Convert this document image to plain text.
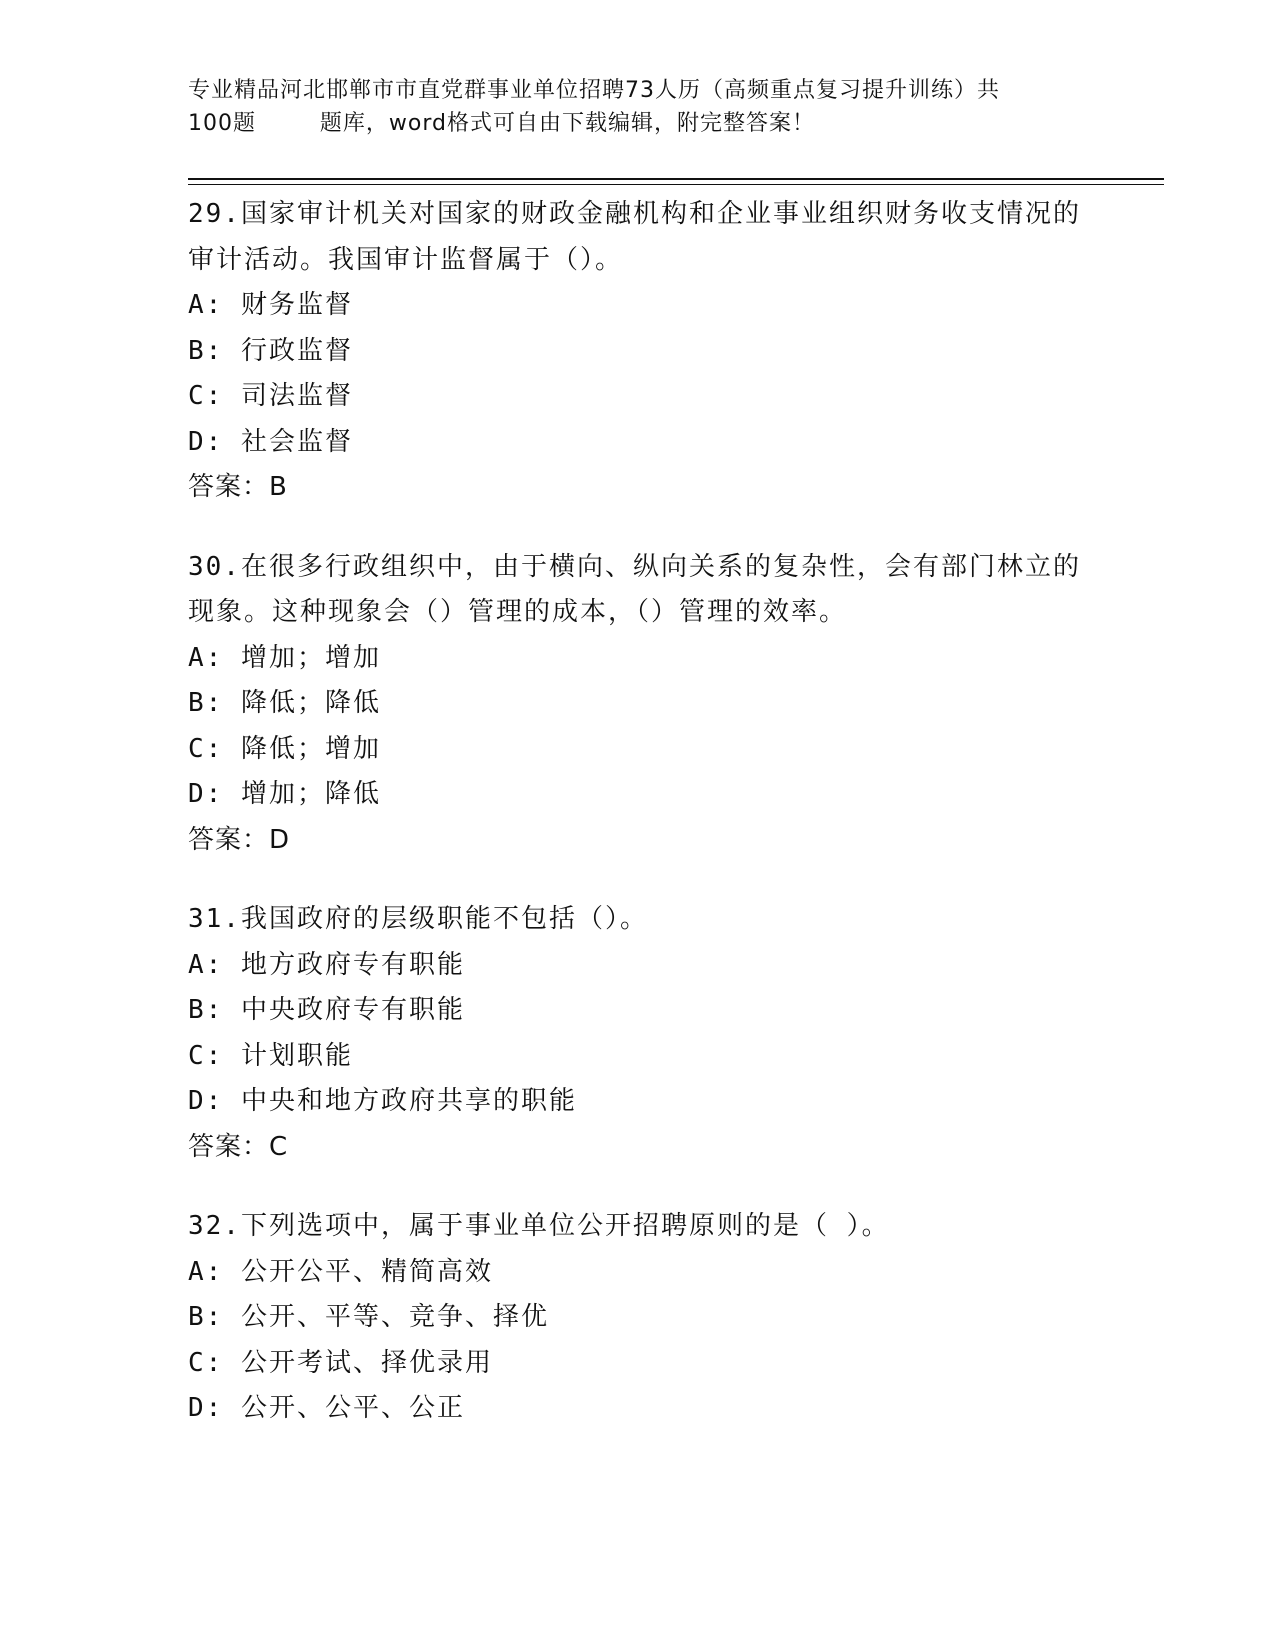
专业精品河北邯郸市市直党群事业单位招聘73人历（高频重点复习提升训练）共
100题        题库，word格式可自由下载编辑，附完整答案！
29.国家审计机关对国家的财政金融机构和企业事业组织财务收支情况的审计活动。我国审计监督属于（）。
A: 财务监督
B: 行政监督
C: 司法监督
D: 社会监督
答案：B
30.在很多行政组织中，由于横向、纵向关系的复杂性，会有部门林立的现象。这种现象会（）管理的成本，（）管理的效率。
A: 增加；增加
B: 降低；降低
C: 降低；增加
D: 增加；降低
答案：D
31.我国政府的层级职能不包括（）。
A: 地方政府专有职能
B: 中央政府专有职能
C: 计划职能
D: 中央和地方政府共享的职能
答案：C
32.下列选项中，属于事业单位公开招聘原则的是（ ）。
A: 公开公平、精简高效
B: 公开、平等、竞争、择优
C: 公开考试、择优录用
D: 公开、公平、公正
